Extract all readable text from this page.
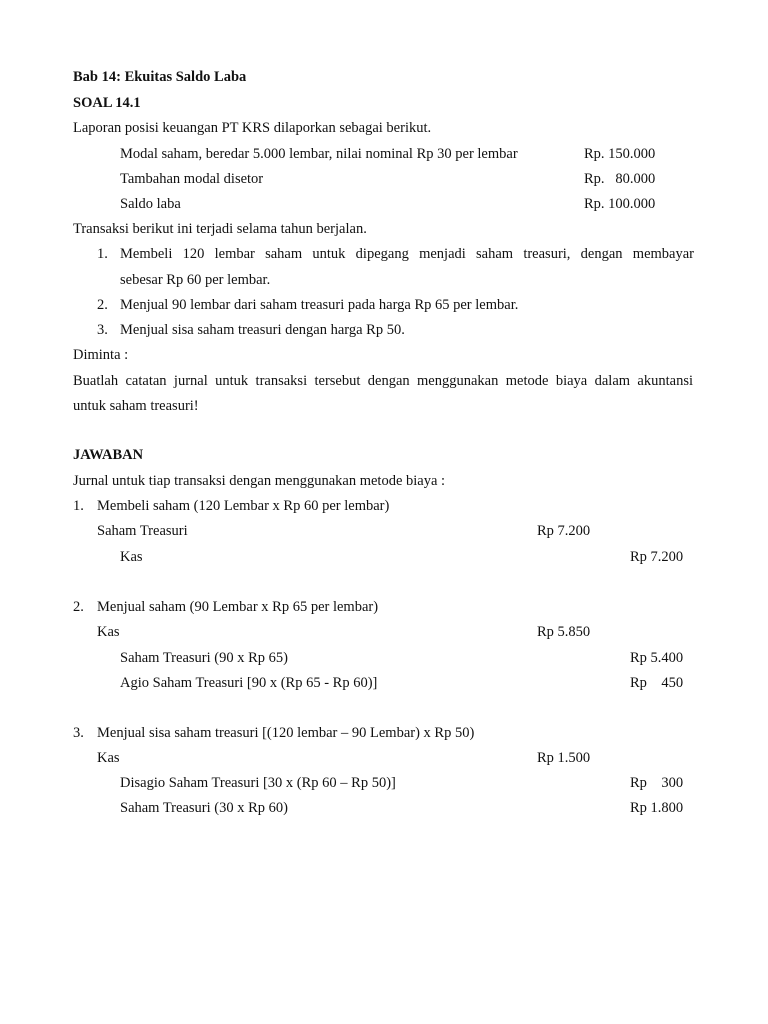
Bab 14: Ekuitas Saldo Laba
SOAL 14.1
Laporan posisi keuangan PT KRS dilaporkan sebagai berikut.
Modal saham, beredar 5.000 lembar, nilai nominal Rp 30 per lembar	Rp. 150.000
Tambahan modal disetor	Rp.   80.000
Saldo laba	Rp. 100.000
Transaksi berikut ini terjadi selama tahun berjalan.
1. Membeli 120 lembar saham untuk dipegang menjadi saham treasuri, dengan membayar
sebesar Rp 60 per lembar.
2. Menjual 90 lembar dari saham treasuri pada harga Rp 65 per lembar.
3. Menjual sisa saham treasuri dengan harga Rp 50.
Diminta :
Buatlah catatan jurnal untuk transaksi tersebut dengan menggunakan metode biaya dalam akuntansi
untuk saham treasuri!
JAWABAN
Jurnal untuk tiap transaksi dengan menggunakan metode biaya :
1. Membeli saham (120 Lembar x Rp 60 per lembar)
Saham Treasuri	Rp 7.200
Kas	Rp 7.200
2. Menjual saham (90 Lembar x Rp 65 per lembar)
Kas	Rp 5.850
Saham Treasuri (90 x Rp 65)	Rp 5.400
Agio Saham Treasuri [90 x (Rp 65 - Rp 60)]	Rp    450
3. Menjual sisa saham treasuri [(120 lembar – 90 Lembar) x Rp 50)
Kas	Rp 1.500
Disagio Saham Treasuri [30 x (Rp 60 – Rp 50)]	Rp    300
Saham Treasuri (30 x Rp 60)	Rp 1.800
